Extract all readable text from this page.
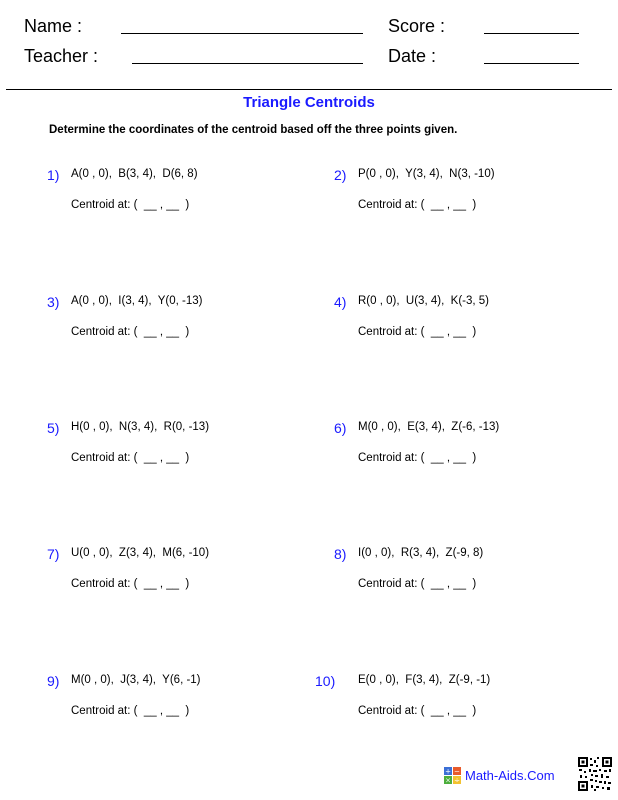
Name :	Score :
Teacher :	Date :
Triangle Centroids
Determine the coordinates of the centroid based off the three points given.
1) A(0 , 0),  B(3, 4),  D(6, 8)
Centroid at: (  __ , __  )
2) P(0 , 0),  Y(3, 4),  N(3, -10)
Centroid at: (  __ , __  )
3) A(0 , 0),  I(3, 4),  Y(0, -13)
Centroid at: (  __ , __  )
4) R(0 , 0),  U(3, 4),  K(-3, 5)
Centroid at: (  __ , __  )
5) H(0 , 0),  N(3, 4),  R(0, -13)
Centroid at: (  __ , __  )
6) M(0 , 0),  E(3, 4),  Z(-6, -13)
Centroid at: (  __ , __  )
7) U(0 , 0),  Z(3, 4),  M(6, -10)
Centroid at: (  __ , __  )
8) I(0 , 0),  R(3, 4),  Z(-9, 8)
Centroid at: (  __ , __  )
9) M(0 , 0),  J(3, 4),  Y(6, -1)
Centroid at: (  __ , __  )
10) E(0 , 0),  F(3, 4),  Z(-9, -1)
Centroid at: (  __ , __  )
+ −
× ÷ Math-Aids.Com
